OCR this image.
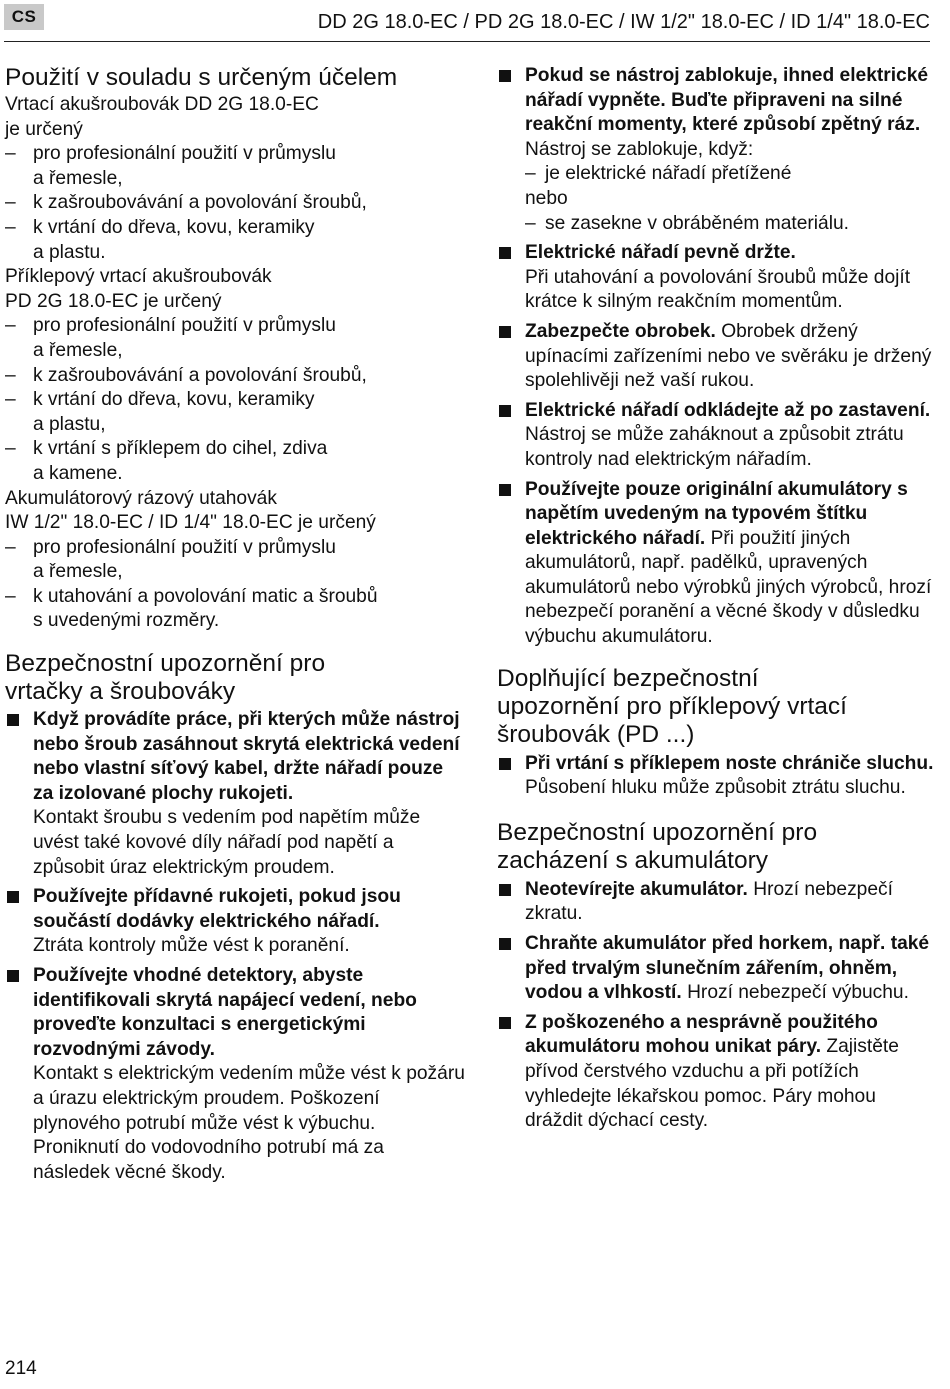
CS	DD 2G 18.0-EC / PD 2G 18.0-EC / IW 1/2" 18.0-EC / ID 1/4" 18.0-EC
Použití v souladu s určeným účelem

Vrtací akušroubovák DD 2G 18.0-EC

je určený

– pro profesionální použití v průmyslu
a řemesle,
– k zašroubovávání a povolování šroubů,
– k vrtání do dřeva, kovu, keramiky
a plastu.

Příklepový vrtací akušroubovák

PD 2G 18.0-EC je určený

– pro profesionální použití v průmyslu
a řemesle,
– k zašroubovávání a povolování šroubů,
– k vrtání do dřeva, kovu, keramiky
a plastu,
– k vrtání s příklepem do cihel, zdiva
a kamene.

Akumulátorový rázový utahovák

IW 1/2" 18.0-EC / ID 1/4" 18.0-EC je určený

– pro profesionální použití v průmyslu
a řemesle,
– k utahování a povolování matic a šroubů
s uvedenými rozměry.
Bezpečnostní upozornění pro
vrtačky a šroubováky
Když provádíte práce, při kterých může nástroj nebo šroub zasáhnout skrytá elektrická vedení nebo vlastní síťový kabel, držte nářadí pouze za izolované plochy rukojeti.

Kontakt šroubu s vedením pod napětím může uvést také kovové díly nářadí pod napětí a způsobit úraz elektrickým proudem.

Používejte přídavné rukojeti, pokud jsou součástí dodávky elektrického nářadí.

Ztráta kontroly může vést k poranění.

Používejte vhodné detektory, abyste identifikovali skrytá napájecí vedení, nebo proveďte konzultaci s energetickými rozvodnými závody.

Kontakt s elektrickým vedením může vést k požáru a úrazu elektrickým proudem. Poškození plynového potrubí může vést k výbuchu. Proniknutí do vodovodního potrubí má za následek věcné škody.

Pokud se nástroj zablokuje, ihned elektrické nářadí vypněte. Buďte připraveni na silné reakční momenty, které způsobí zpětný ráz. Nástroj se zablokuje, když:
– je elektrické nářadí přetížené

nebo

– se zasekne v obráběném materiálu.
Elektrické nářadí pevně držte.

Při utahování a povolování šroubů může dojít krátce k silným reakčním momentům.

Zabezpečte obrobek. Obrobek držený upínacími zařízeními nebo ve svěráku je držený spolehlivěji než vaší rukou.
Elektrické nářadí odkládejte až po zastavení. Nástroj se může zaháknout a způsobit ztrátu kontroly nad elektrickým nářadím.
Používejte pouze originální akumulátory s napětím uvedeným na typovém štítku elektrického nářadí. Při použití jiných akumulátorů, např. padělků, upravených akumulátorů nebo výrobků jiných výrobců, hrozí nebezpečí poranění a věcné škody v důsledku výbuchu akumulátoru.
Doplňující bezpečnostní
upozornění pro příklepový vrtací
šroubovák (PD ...)
Při vrtání s příklepem noste chrániče sluchu. Působení hluku může způsobit ztrátu sluchu.
Bezpečnostní upozornění pro
zacházení s akumulátory
Neotevírejte akumulátor. Hrozí nebezpečí zkratu.
Chraňte akumulátor před horkem, např. také před trvalým slunečním zářením, ohněm, vodou a vlhkostí. Hrozí nebezpečí výbuchu.
Z poškozeného a nesprávně použitého akumulátoru mohou unikat páry. Zajistěte přívod čerstvého vzduchu a při potížích vyhledejte lékařskou pomoc. Páry mohou dráždit dýchací cesty.
214
